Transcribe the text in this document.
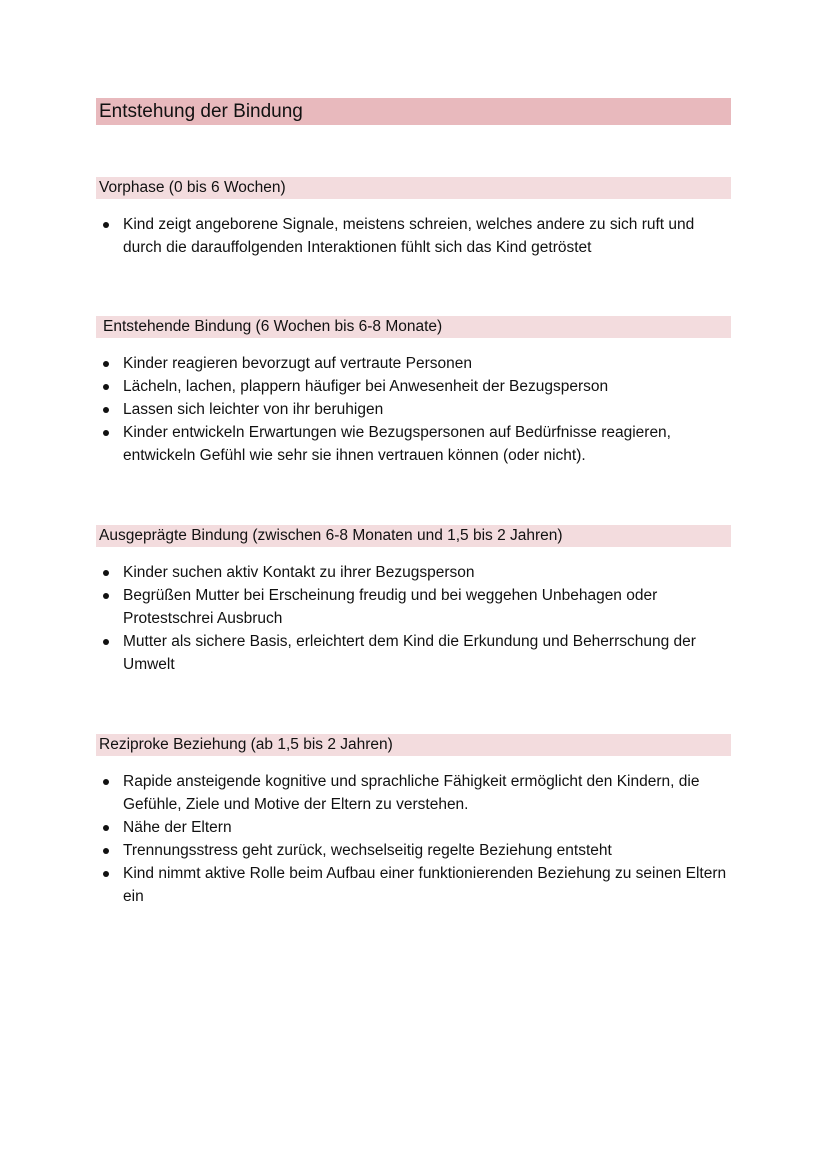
Entstehung der Bindung
Vorphase (0 bis 6 Wochen)
Kind zeigt angeborene Signale, meistens schreien, welches andere zu sich ruft und durch die darauffolgenden Interaktionen fühlt sich das Kind getröstet
Entstehende Bindung (6 Wochen bis 6-8 Monate)
Kinder reagieren bevorzugt auf vertraute Personen
Lächeln, lachen, plappern häufiger bei Anwesenheit der Bezugsperson
Lassen sich leichter von ihr beruhigen
Kinder entwickeln Erwartungen wie Bezugspersonen auf Bedürfnisse reagieren, entwickeln Gefühl wie sehr sie ihnen vertrauen können (oder nicht).
Ausgeprägte Bindung (zwischen 6-8 Monaten und 1,5 bis 2 Jahren)
Kinder suchen aktiv Kontakt zu ihrer Bezugsperson
Begrüßen Mutter bei Erscheinung freudig und bei weggehen Unbehagen oder Protestschrei Ausbruch
Mutter als sichere Basis, erleichtert dem Kind die Erkundung und Beherrschung der Umwelt
Reziproke Beziehung (ab 1,5 bis 2 Jahren)
Rapide ansteigende kognitive und sprachliche Fähigkeit ermöglicht den Kindern, die Gefühle, Ziele und Motive der Eltern zu verstehen.
Nähe der Eltern
Trennungsstress geht zurück, wechselseitig regelte Beziehung entsteht
Kind nimmt aktive Rolle beim Aufbau einer funktionierenden Beziehung zu seinen Eltern ein
